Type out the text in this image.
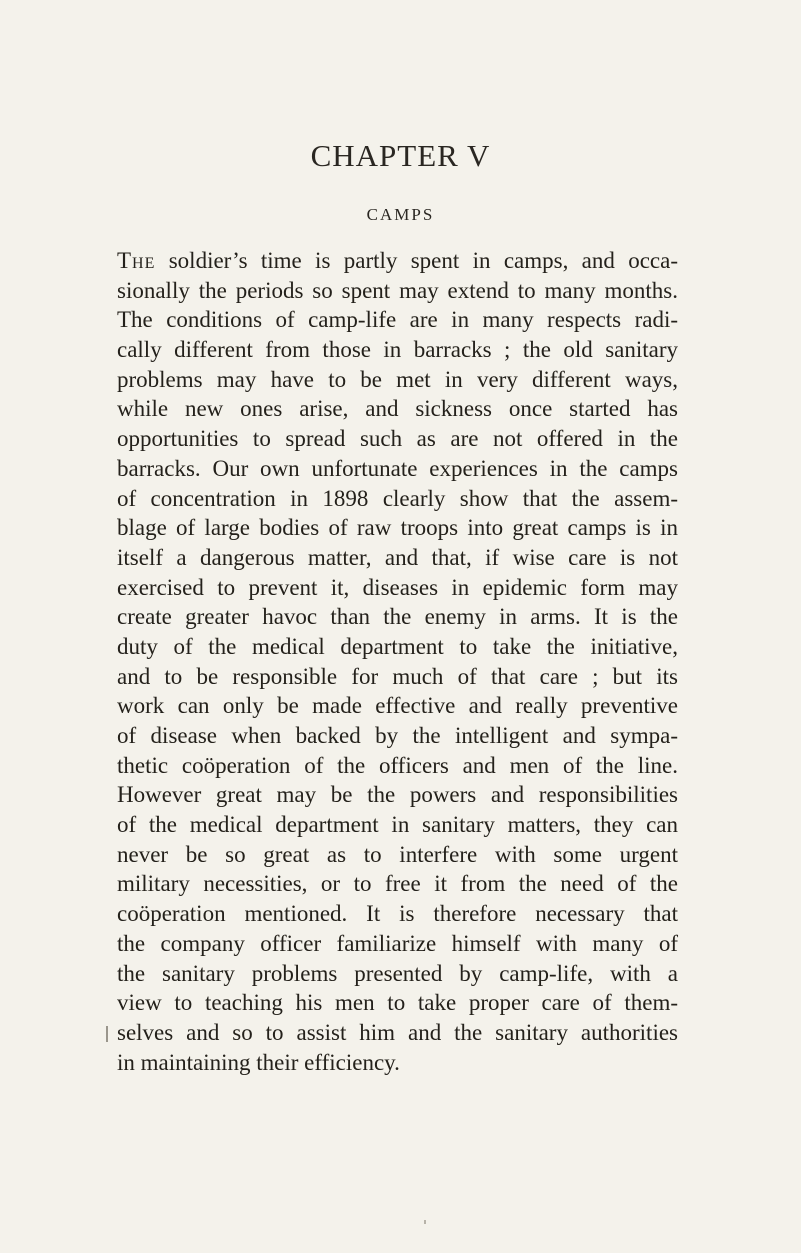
CHAPTER V
CAMPS
The soldier’s time is partly spent in camps, and occa-
sionally the periods so spent may extend to many months.
The conditions of camp-life are in many respects radi-
cally different from those in barracks ; the old sanitary
problems may have to be met in very different ways,
while new ones arise, and sickness once started has
opportunities to spread such as are not offered in the
barracks. Our own unfortunate experiences in the camps
of concentration in 1898 clearly show that the assem-
blage of large bodies of raw troops into great camps is in
itself a dangerous matter, and that, if wise care is not
exercised to prevent it, diseases in epidemic form may
create greater havoc than the enemy in arms. It is the
duty of the medical department to take the initiative,
and to be responsible for much of that care ; but its
work can only be made effective and really preventive
of disease when backed by the intelligent and sympa-
thetic coöperation of the officers and men of the line.
However great may be the powers and responsibilities
of the medical department in sanitary matters, they can
never be so great as to interfere with some urgent
military necessities, or to free it from the need of the
coöperation mentioned. It is therefore necessary that
the company officer familiarize himself with many of
the sanitary problems presented by camp-life, with a
view to teaching his men to take proper care of them-
selves and so to assist him and the sanitary authorities
in maintaining their efficiency.
